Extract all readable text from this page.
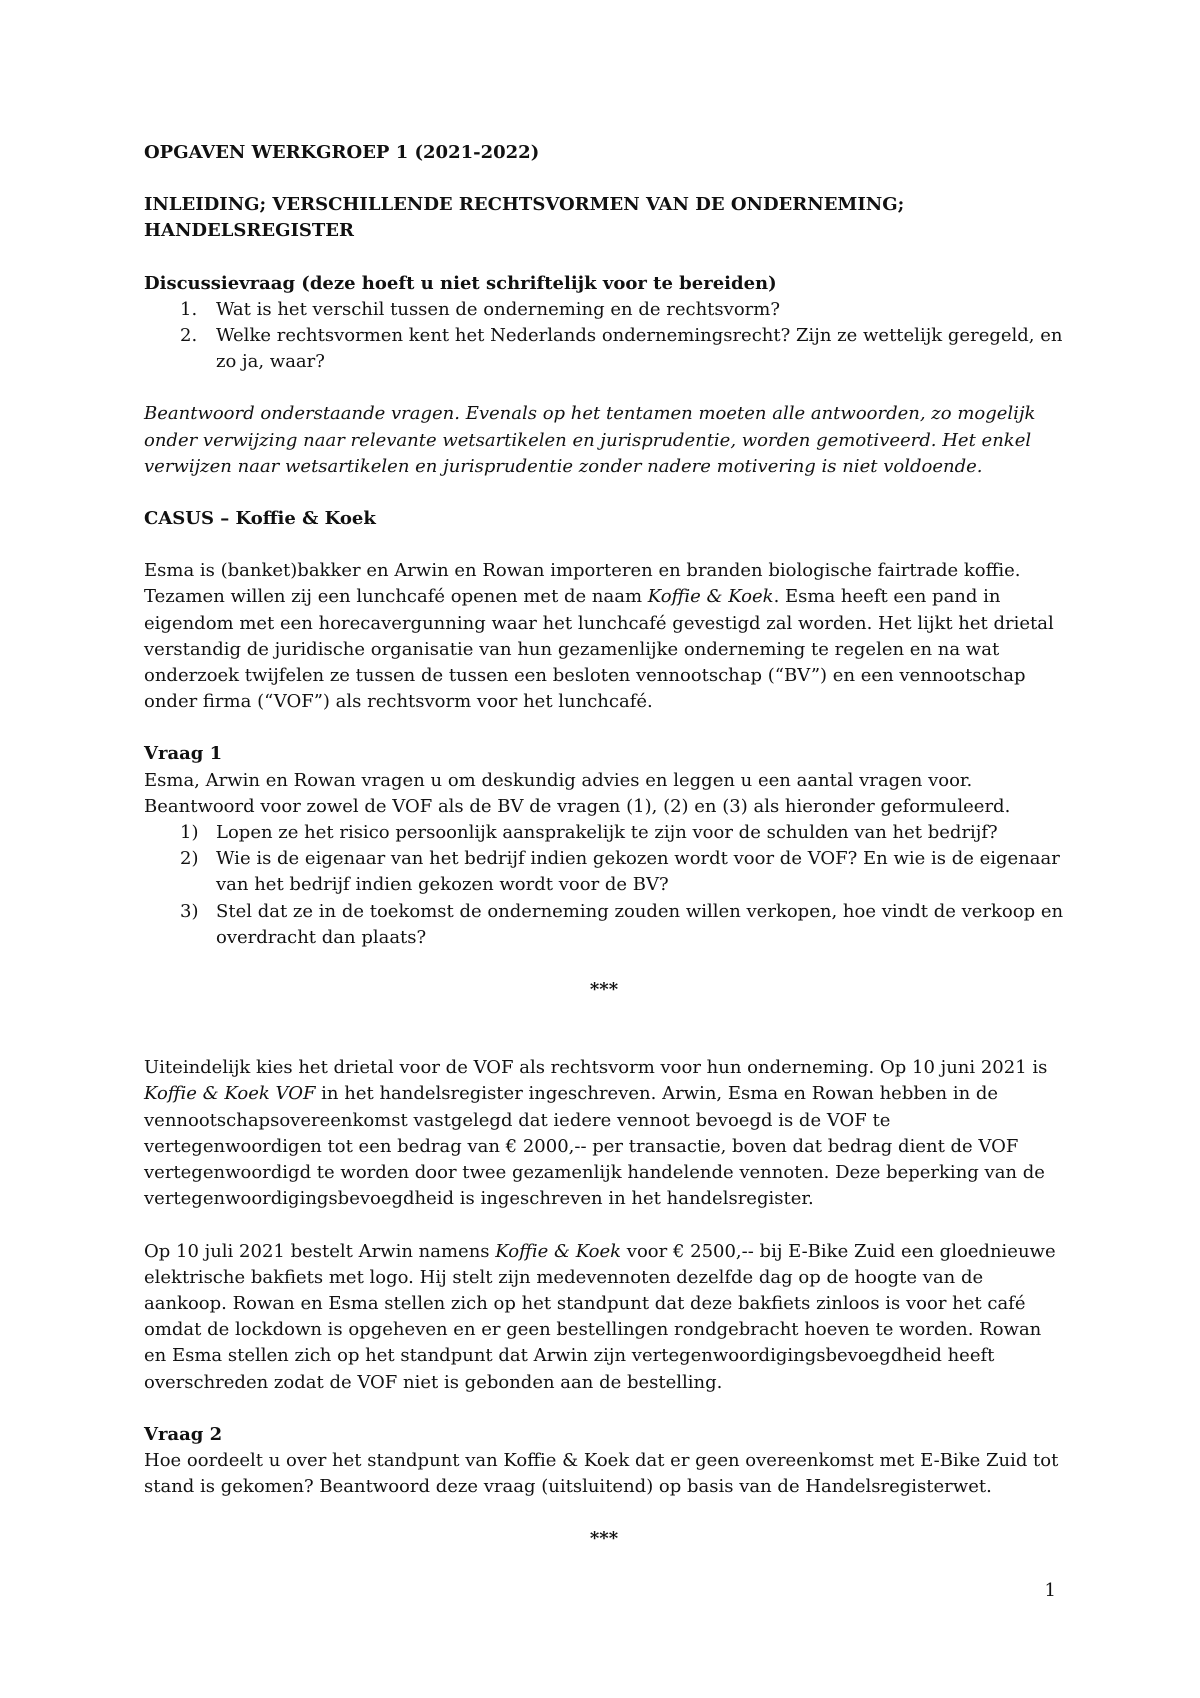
OPGAVEN WERKGROEP 1 (2021-2022)

INLEIDING; VERSCHILLENDE RECHTSVORMEN VAN DE ONDERNEMING;
HANDELSREGISTER

Discussievraag (deze hoeft u niet schriftelijk voor te bereiden)

1. Wat is het verschil tussen de onderneming en de rechtsvorm?
2. Welke rechtsvormen kent het Nederlands ondernemingsrecht? Zijn ze wettelijk geregeld, en zo ja, waar?

Beantwoord onderstaande vragen. Evenals op het tentamen moeten alle antwoorden, zo mogelijk onder verwijzing naar relevante wetsartikelen en jurisprudentie, worden gemotiveerd. Het enkel verwijzen naar wetsartikelen en jurisprudentie zonder nadere motivering is niet voldoende.

CASUS – Koffie & Koek

Esma is (banket)bakker en Arwin en Rowan importeren en branden biologische fairtrade koffie. Tezamen willen zij een lunchcafé openen met de naam Koffie & Koek. Esma heeft een pand in eigendom met een horecavergunning waar het lunchcafé gevestigd zal worden. Het lijkt het drietal verstandig de juridische organisatie van hun gezamenlijke onderneming te regelen en na wat onderzoek twijfelen ze tussen de tussen een besloten vennootschap (“BV”) en een vennootschap onder firma (“VOF”) als rechtsvorm voor het lunchcafé.

Vraag 1

Esma, Arwin en Rowan vragen u om deskundig advies en leggen u een aantal vragen voor. Beantwoord voor zowel de VOF als de BV de vragen (1), (2) en (3) als hieronder geformuleerd.

1) Lopen ze het risico persoonlijk aansprakelijk te zijn voor de schulden van het bedrijf?
2) Wie is de eigenaar van het bedrijf indien gekozen wordt voor de VOF? En wie is de eigenaar van het bedrijf indien gekozen wordt voor de BV?
3) Stel dat ze in de toekomst de onderneming zouden willen verkopen, hoe vindt de verkoop en overdracht dan plaats?

***

Uiteindelijk kies het drietal voor de VOF als rechtsvorm voor hun onderneming. Op 10 juni 2021 is Koffie & Koek VOF in het handelsregister ingeschreven. Arwin, Esma en Rowan hebben in de vennootschapsovereenkomst vastgelegd dat iedere vennoot bevoegd is de VOF te vertegenwoordigen tot een bedrag van € 2000,-- per transactie, boven dat bedrag dient de VOF vertegenwoordigd te worden door twee gezamenlijk handelende vennoten. Deze beperking van de vertegenwoordigingsbevoegdheid is ingeschreven in het handelsregister.

Op 10 juli 2021 bestelt Arwin namens Koffie & Koek voor € 2500,-- bij E-Bike Zuid een gloednieuwe elektrische bakfiets met logo. Hij stelt zijn medevennoten dezelfde dag op de hoogte van de aankoop. Rowan en Esma stellen zich op het standpunt dat deze bakfiets zinloos is voor het café omdat de lockdown is opgeheven en er geen bestellingen rondgebracht hoeven te worden. Rowan en Esma stellen zich op het standpunt dat Arwin zijn vertegenwoordigingsbevoegdheid heeft overschreden zodat de VOF niet is gebonden aan de bestelling.

Vraag 2

Hoe oordeelt u over het standpunt van Koffie & Koek dat er geen overeenkomst met E-Bike Zuid tot stand is gekomen? Beantwoord deze vraag (uitsluitend) op basis van de Handelsregisterwet.

***

1
